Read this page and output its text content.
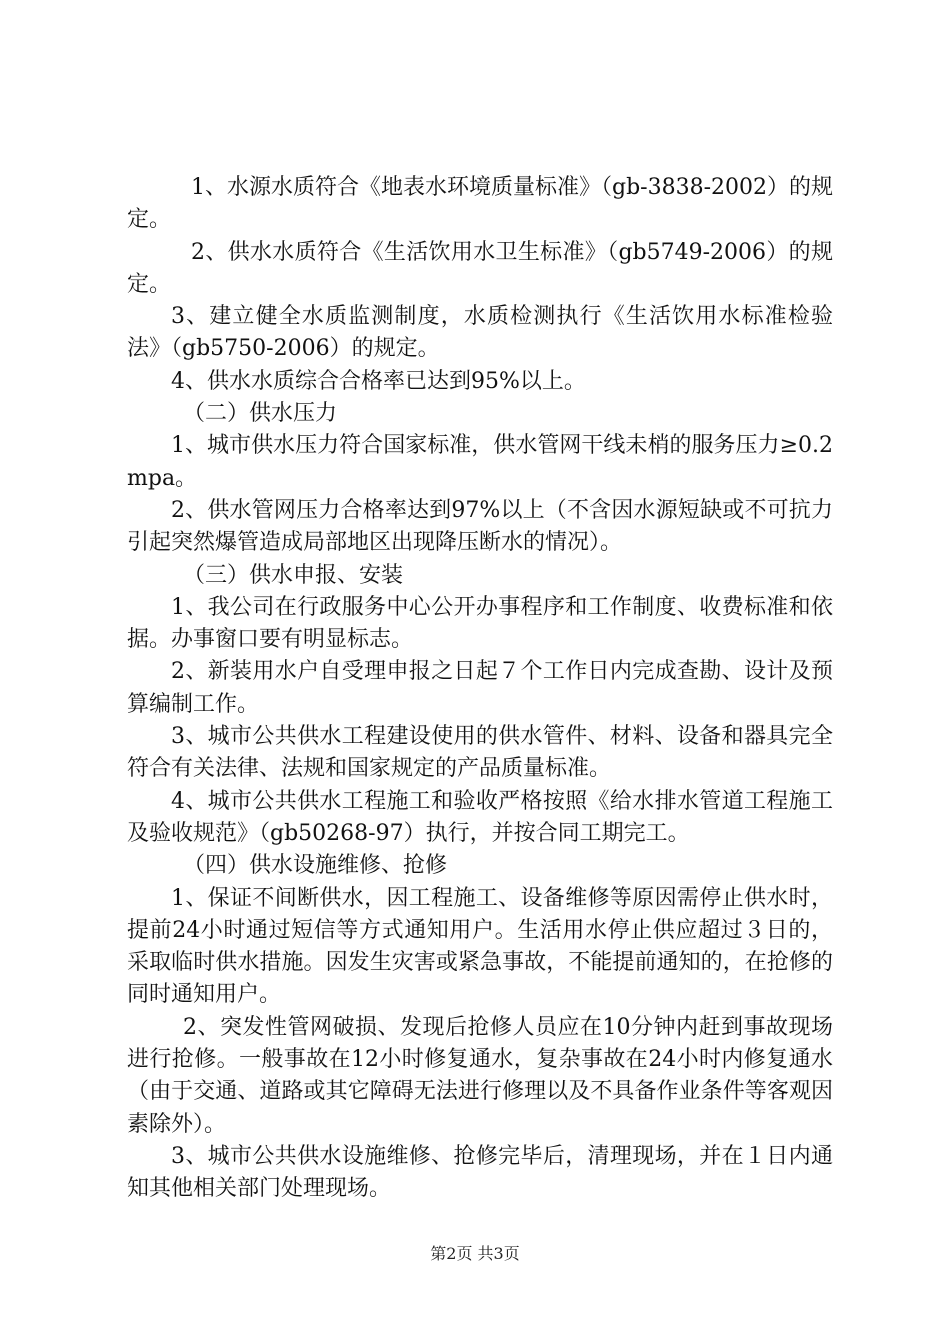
1、水源水质符合《地表水环境质量标准》（gb-3838-2002）的规定。

2、供水水质符合《生活饮用水卫生标准》（gb5749-2006）的规定。

3、建立健全水质监测制度，水质检测执行《生活饮用水标准检验法》（gb5750-2006）的规定。

4、供水水质综合合格率已达到95%以上。

（二）供水压力

1、城市供水压力符合国家标准，供水管网干线未梢的服务压力≥0.2mpa。

2、供水管网压力合格率达到97%以上（不含因水源短缺或不可抗力引起突然爆管造成局部地区出现降压断水的情况）。

（三）供水申报、安装

1、我公司在行政服务中心公开办事程序和工作制度、收费标准和依据。办事窗口要有明显标志。

2、新装用水户自受理申报之日起７个工作日内完成查勘、设计及预算编制工作。

3、城市公共供水工程建设使用的供水管件、材料、设备和器具完全符合有关法律、法规和国家规定的产品质量标准。

4、城市公共供水工程施工和验收严格按照《给水排水管道工程施工及验收规范》（gb50268-97）执行，并按合同工期完工。

（四）供水设施维修、抢修

1、保证不间断供水，因工程施工、设备维修等原因需停止供水时，提前24小时通过短信等方式通知用户。生活用水停止供应超过３日的，采取临时供水措施。因发生灾害或紧急事故，不能提前通知的，在抢修的同时通知用户。

2、突发性管网破损、发现后抢修人员应在10分钟内赶到事故现场进行抢修。一般事故在12小时修复通水，复杂事故在24小时内修复通水（由于交通、道路或其它障碍无法进行修理以及不具备作业条件等客观因素除外）。

3、城市公共供水设施维修、抢修完毕后，清理现场，并在１日内通知其他相关部门处理现场。

第2页 共3页
